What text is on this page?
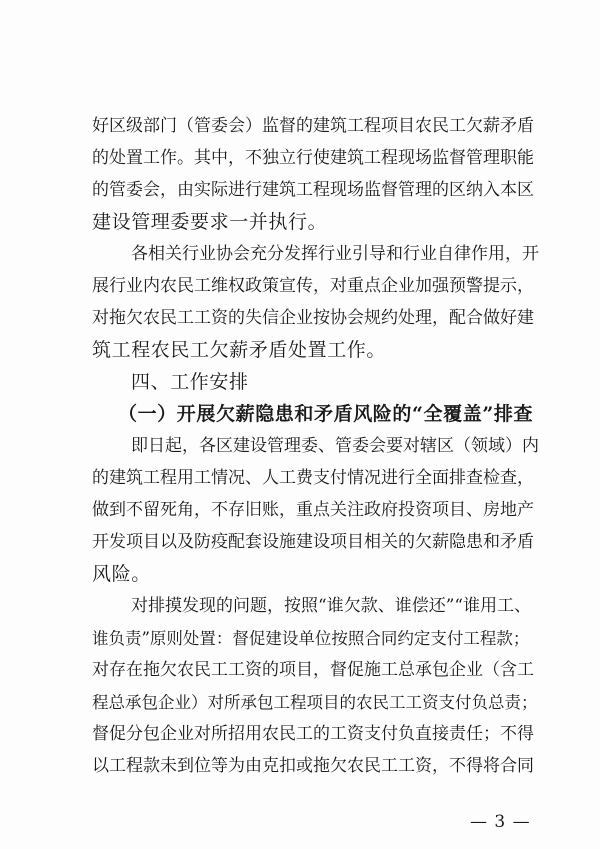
好区级部门（管委会）监督的建筑工程项目农民工欠薪矛盾
的处置工作。其中，不独立行使建筑工程现场监督管理职能
的管委会，由实际进行建筑工程现场监督管理的区纳入本区
建设管理委要求一并执行。
各相关行业协会充分发挥行业引导和行业自律作用，开
展行业内农民工维权政策宣传，对重点企业加强预警提示，
对拖欠农民工工资的失信企业按协会规约处理，配合做好建
筑工程农民工欠薪矛盾处置工作。
四、工作安排
（一）开展欠薪隐患和矛盾风险的“全覆盖”排查
即日起，各区建设管理委、管委会要对辖区（领域）内
的建筑工程用工情况、人工费支付情况进行全面排查检查，
做到不留死角，不存旧账，重点关注政府投资项目、房地产
开发项目以及防疫配套设施建设项目相关的欠薪隐患和矛盾
风险。
对排摸发现的问题，按照“谁欠款、谁偿还”“谁用工、
谁负责”原则处置：督促建设单位按照合同约定支付工程款；
对存在拖欠农民工工资的项目，督促施工总承包企业（含工
程总承包企业）对所承包工程项目的农民工工资支付负总责；
督促分包企业对所招用农民工的工资支付负直接责任；不得
以工程款未到位等为由克扣或拖欠农民工工资，不得将合同
— 3 —
